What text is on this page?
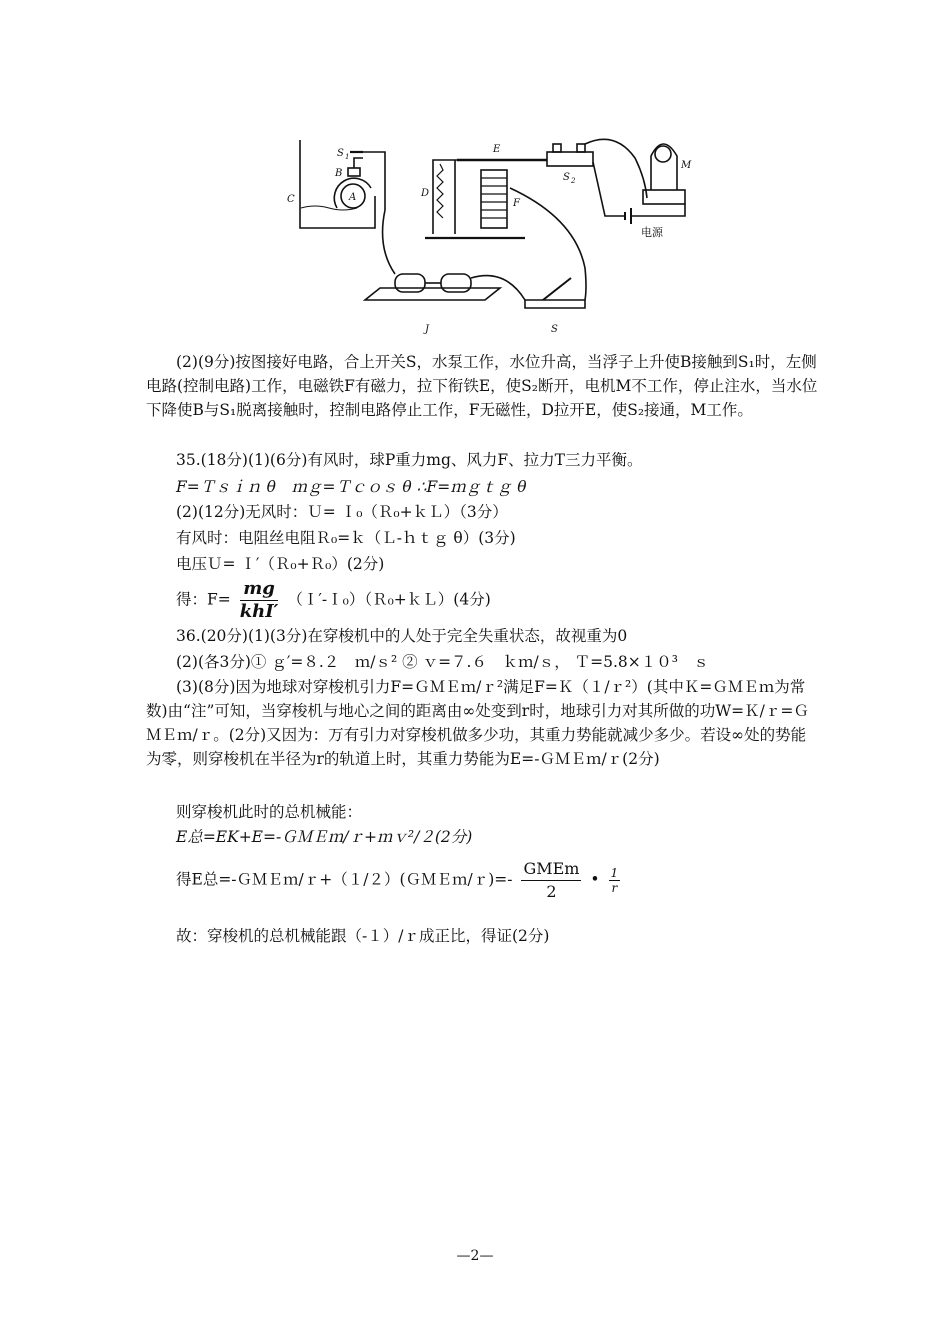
C
S 1
B
A	D
E
F
S 2
M
电源
J	S

(2)(9分)按图接好电路，合上开关S，水泵工作，水位升高，当浮子上升使B接触到S₁时，左侧电路(控制电路)工作，电磁铁F有磁力，拉下衔铁E，使S₂断开，电机M不工作，停止注水，当水位下降使B与S₁脱离接触时，控制电路停止工作，F无磁性，D拉开E，使S₂接通，M工作。

35.(18分)(1)(6分)有风时，球P重力mg、风力F、拉力T三力平衡。
F=Ｔｓｉｎ θ　ｍｇ=Ｔｃｏｓ θ ∴F=ｍｇｔｇ θ
(2)(12分)无风时：Ｕ= Ｉ₀（Ｒ₀+ｋＬ）（3分）
有风时：电阻丝电阻Ｒ₀=ｋ（Ｌ-ｈｔｇ θ）(3分)
电压Ｕ= Ｉ′（Ｒ₀+Ｒ₀）(2分)
得：$F= \frac{mg}{\text{khI′}}$ （Ｉ′-Ｉ₀）（Ｒ₀+ｋＬ）(4分)
36.(20分)(1)(3分)在穿梭机中的人处于完全失重状态，故视重为0
(2)(各3分)① ｇ′=８.２　ｍ/ｓ² ② ｖ=７.６　ｋｍ/ｓ， Ｔ=5.8×１０³　ｓ

(3)(8分)因为地球对穿梭机引力F=ＧＭＥｍ/ｒ²满足F=Ｋ（１/ｒ²）(其中Ｋ=ＧＭＥｍ为常数)由“注”可知，当穿梭机与地心之间的距离由∞处变到r时，地球引力对其所做的功W=Ｋ/ｒ=ＧＭＥｍ/ｒ。(2分)又因为：万有引力对穿梭机做多少功，其重力势能就减少多少。若设∞处的势能为零，则穿梭机在半径为r的轨道上时，其重力势能为E=-ＧＭＥｍ/ｒ(2分)

则穿梭机此时的总机械能：
E总=EK+E=-ＧＭＥｍ/ｒ+ｍｖ²/２(2分)
得E总=-ＧＭＥｍ/ｒ+（１/２）(ＧＭＥｍ/ｒ)=- $\frac{\text{GMEm}}{2}$ • $\frac{1}{r}$
故：穿梭机的总机械能跟（-１）/ｒ成正比，得证(2分)
—2—
